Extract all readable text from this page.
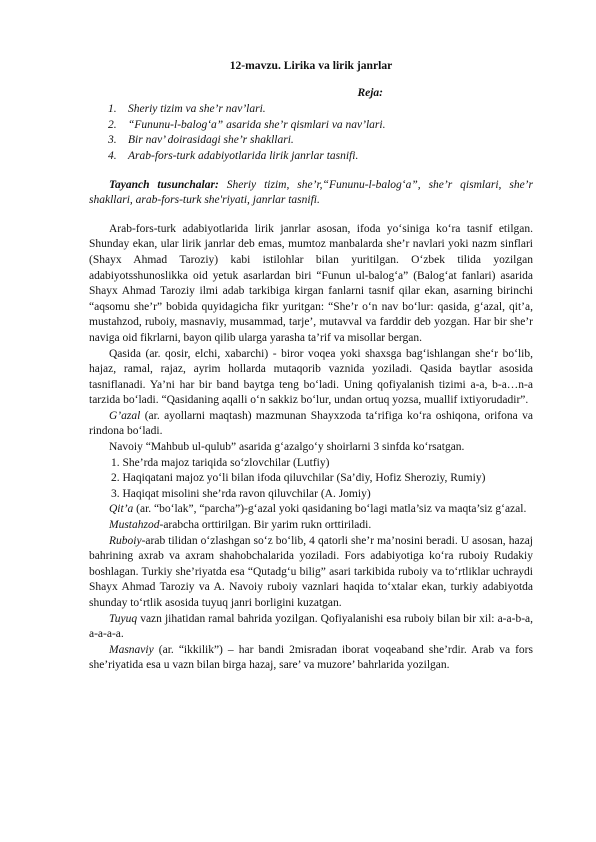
12-mavzu. Lirika va lirik janrlar
Reja:
1. Sheriy tizim va she’r nav’lari.
2. “Fununu-l-balog‘a” asarida she’r qismlari va nav’lari.
3. Bir nav’ doirasidagi she’r shakllari.
4. Arab-fors-turk adabiyotlarida lirik janrlar tasnifi.

Tayanch tusunchalar: Sheriy tizim, she’r,“Fununu-l-balog‘a”, she’r qismlari, she’r shakllari, arab-fors-turk she'riyati, janrlar tasnifi.

Arab-fors-turk adabiyotlarida lirik janrlar asosan, ifoda yo‘siniga ko‘ra tasnif etilgan. Shunday ekan, ular lirik janrlar deb emas, mumtoz manbalarda she’r navlari yoki nazm sinflari (Shayx Ahmad Taroziy) kabi istilohlar bilan yuritilgan. O‘zbek tilida yozilgan adabiyotsshunoslikka oid yetuk asarlardan biri “Funun ul-balog‘a” (Balog‘at fanlari) asarida Shayx Ahmad Taroziy ilmi adab tarkibiga kirgan fanlarni tasnif qilar ekan, asarning birinchi “aqsomu she’r” bobida quyidagicha fikr yuritgan: “She’r o‘n nav bo‘lur: qasida, g‘azal, qit’a, mustahzod, ruboiy, masnaviy, musammad, tarje’, mutavval va farddir deb yozgan. Har bir she’r naviga oid fikrlarni, bayon qilib ularga yarasha ta’rif va misollar bergan.

Qasida (ar. qosir, elchi, xabarchi) - biror voqea yoki shaxsga bag‘ishlangan she‘r bo‘lib, hajaz, ramal, rajaz, ayrim hollarda mutaqorib vaznida yoziladi. Qasida baytlar asosida tasniflanadi. Ya’ni har bir band baytga teng bo‘ladi. Uning qofiyalanish tizimi a-a, b-a…n-a tarzida bo‘ladi. “Qasidaning aqalli o‘n sakkiz bo‘lur, undan ortuq yozsa, muallif ixtiyorudadir”.

G’azal (ar. ayollarni maqtash) mazmunan Shayxzoda ta‘rifiga ko‘ra oshiqona, orifona va rindona bo‘ladi.

Navoiy “Mahbub ul-qulub” asarida g‘azalgo‘y shoirlarni 3 sinfda ko‘rsatgan.

1. She’rda majoz tariqida so‘zlovchilar (Lutfiy)

2. Haqiqatani majoz yo‘li bilan ifoda qiluvchilar (Sa’diy, Hofiz Sheroziy, Rumiy)

3. Haqiqat misolini she’rda ravon qiluvchilar (A. Jomiy)

Qit’a (ar. “bo‘lak”, “parcha”)-g‘azal yoki qasidaning bo‘lagi matla’siz va maqta’siz g‘azal.

Mustahzod-arabcha orttirilgan. Bir yarim rukn orttiriladi.

Ruboiy-arab tilidan o‘zlashgan so‘z bo‘lib, 4 qatorli she’r ma’nosini beradi. U asosan, hazaj bahrining axrab va axram shahobchalarida yoziladi. Fors adabiyotiga ko‘ra ruboiy Rudakiy boshlagan. Turkiy she’riyatda esa “Qutadg‘u bilig” asari tarkibida ruboiy va to‘rtliklar uchraydi Shayx Ahmad Taroziy va A. Navoiy ruboiy vaznlari haqida to‘xtalar ekan, turkiy adabiyotda shunday to‘rtlik asosida tuyuq janri borligini kuzatgan.

Tuyuq vazn jihatidan ramal bahrida yozilgan. Qofiyalanishi esa ruboiy bilan bir xil: a-a-b-a, a-a-a-a.

Masnaviy (ar. “ikkilik”) – har bandi 2misradan iborat voqeaband she’rdir. Arab va fors she’riyatida esa u vazn bilan birga hazaj, sare’ va muzore’ bahrlarida yozilgan.
